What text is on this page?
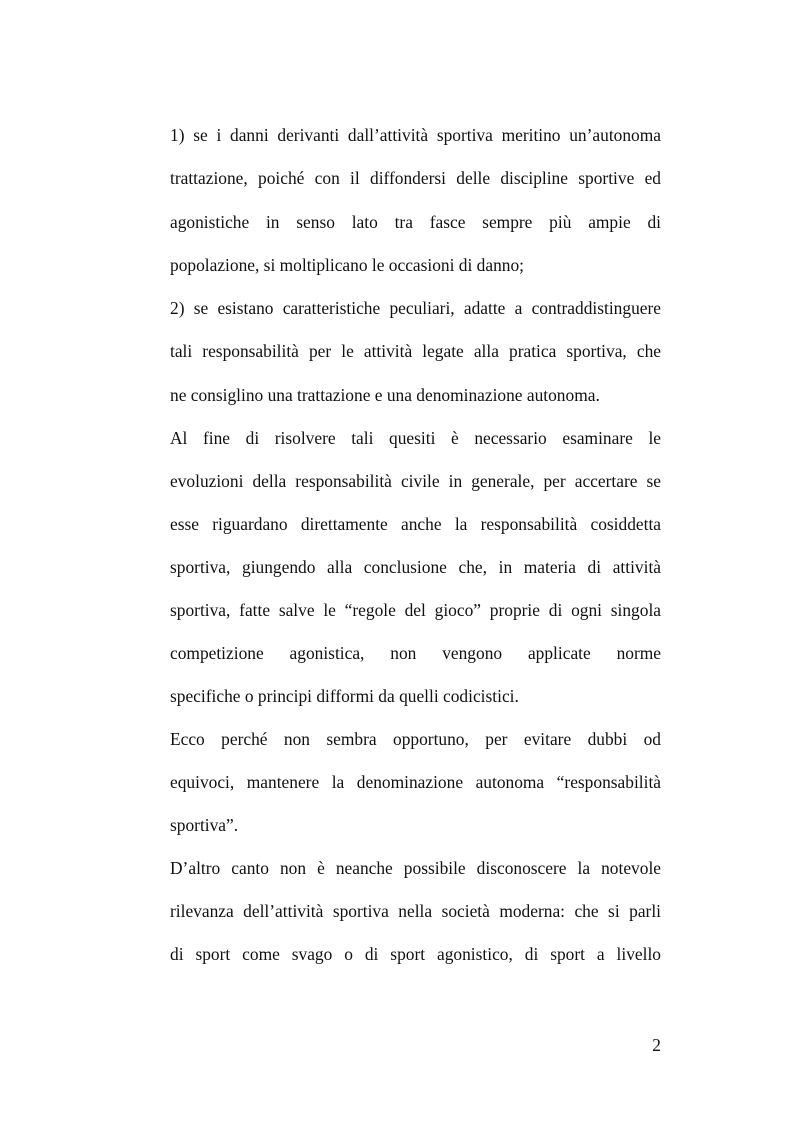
1) se i danni derivanti dall’attività sportiva meritino un’autonoma
trattazione, poiché con il diffondersi delle discipline sportive ed
agonistiche in senso lato tra fasce sempre più ampie di
popolazione, si moltiplicano le occasioni di danno;
2) se esistano caratteristiche peculiari, adatte a contraddistinguere
tali responsabilità per le attività legate alla pratica sportiva, che
ne consiglino una trattazione e una denominazione autonoma.
Al fine di risolvere tali quesiti è necessario esaminare le
evoluzioni della responsabilità civile in generale, per accertare se
esse riguardano direttamente anche la responsabilità cosiddetta
sportiva, giungendo alla conclusione che, in materia di attività
sportiva, fatte salve le “regole del gioco” proprie di ogni singola
competizione agonistica, non vengono applicate norme
specifiche o principi difformi da quelli codicistici.
Ecco perché non sembra opportuno, per evitare dubbi od
equivoci, mantenere la denominazione autonoma “responsabilità
sportiva”.
D’altro canto non è neanche possibile disconoscere la notevole
rilevanza dell’attività sportiva nella società moderna: che si parli
di sport come svago o di sport agonistico, di sport a livello
2
